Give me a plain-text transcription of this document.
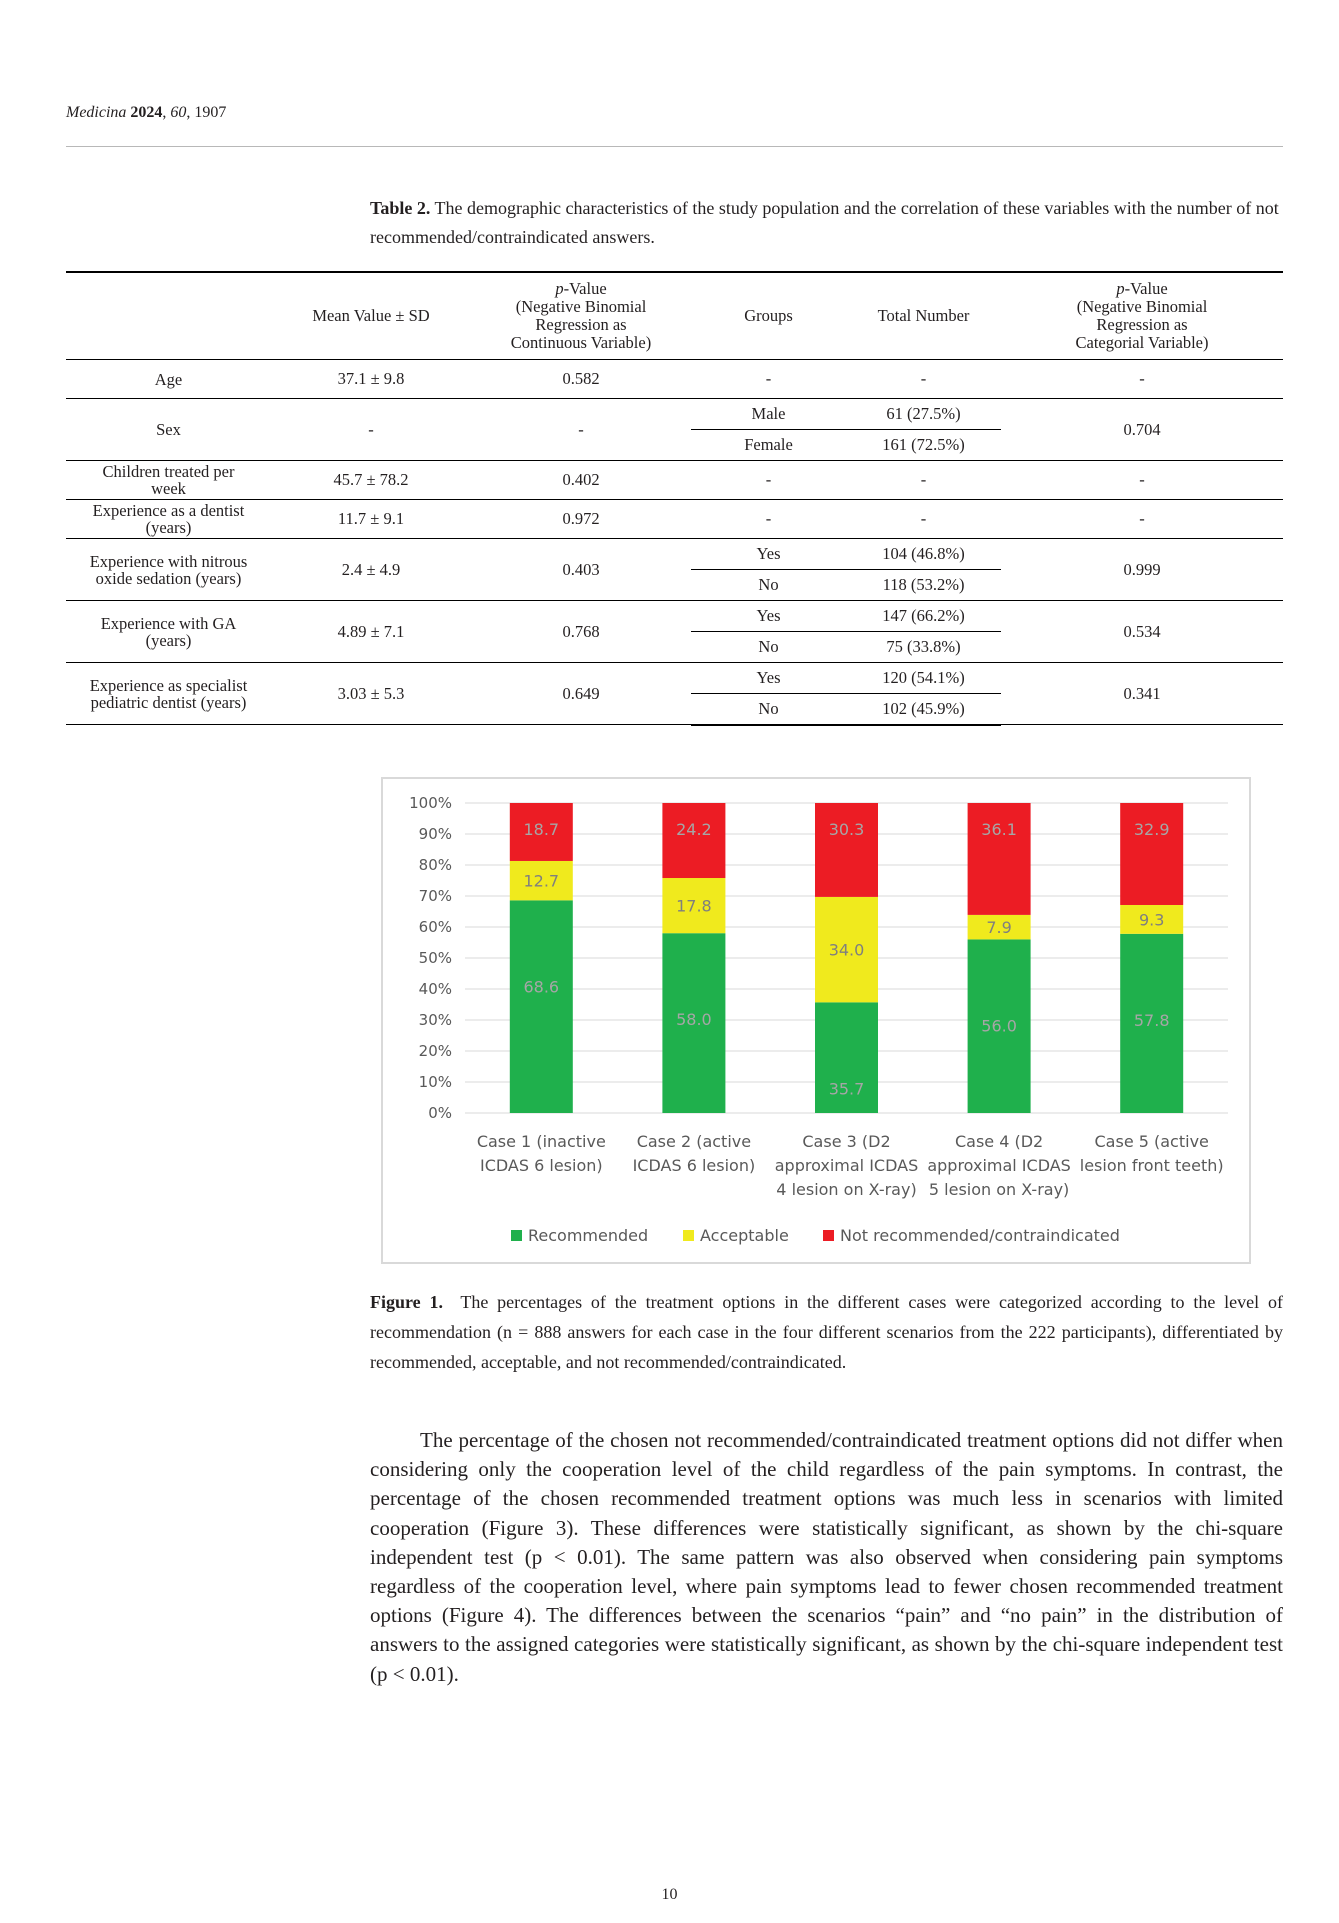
Medicina 2024, 60, 1907
Table 2. The demographic characteristics of the study population and the correlation of these variables with the number of not recommended/contraindicated answers.
	Mean Value ± SD	p-Value
(Negative Binomial
Regression as
Continuous Variable)	Groups	Total Number	p-Value
(Negative Binomial
Regression as
Categorial Variable)
Age	37.1 ± 9.8	0.582	-	-	-
Sex	-	-	Male	61 (27.5%)	0.704
			Female	161 (72.5%)	
Children treated per week	45.7 ± 78.2	0.402	-	-	-
Experience as a dentist (years)	11.7 ± 9.1	0.972	-	-	-
Experience with nitrous oxide sedation (years)	2.4 ± 4.9	0.403	Yes	104 (46.8%)	0.999
			No	118 (53.2%)	
Experience with GA (years)	4.89 ± 7.1	0.768	Yes	147 (66.2%)	0.534
			No	75 (33.8%)	
Experience as specialist pediatric dentist (years)	3.03 ± 5.3	0.649	Yes	120 (54.1%)	0.341
			No	102 (45.9%)	
0%
10%
20%
30%
40%
50%
60%
70%
80%
90%
100%
68.6
12.7
18.7
Case 1 (inactive
ICDAS 6 lesion)
58.0
17.8
24.2
Case 2 (active
ICDAS 6 lesion)
35.7
34.0
30.3
Case 3 (D2
approximal ICDAS
4 lesion on X-ray)
56.0
7.9
36.1
Case 4 (D2
approximal ICDAS
5 lesion on X-ray)
57.8
9.3
32.9
Case 5 (active
lesion front teeth)
Recommended	Acceptable	Not recommended/contraindicated
Figure 1. The percentages of the treatment options in the different cases were categorized according to the level of recommendation (n = 888 answers for each case in the four different scenarios from the 222 participants), differentiated by recommended, acceptable, and not recommended/contraindicated.

The percentage of the chosen not recommended/contraindicated treatment options did not differ when considering only the cooperation level of the child regardless of the pain symptoms. In contrast, the percentage of the chosen recommended treatment options was much less in scenarios with limited cooperation (Figure 3). These differences were statistically significant, as shown by the chi-square independent test (p < 0.01). The same pattern was also observed when considering pain symptoms regardless of the cooperation level, where pain symptoms lead to fewer chosen recommended treatment options (Figure 4). The differences between the scenarios “pain” and “no pain” in the distribution of answers to the assigned categories were statistically significant, as shown by the chi-square independent test (p < 0.01).

10
